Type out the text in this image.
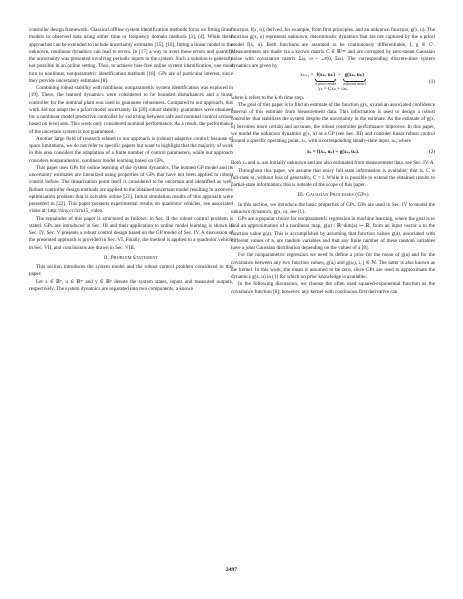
controller design framework. Classical offline system identification methods focus on fitting linear models to observed data using either time or frequency domain methods [3], [4]. While these approaches can be extended to include uncertainty estimates [15], [16], fitting a linear model to the unknown, nonlinear dynamics can lead to errors. In [17] a way to avert these errors and quantify the uncertainty was presented involving periodic inputs to the system. Such a solution is generally not possible in an online setting. Thus, to achieve bias-free online system identification, one must turn to nonlinear, nonparametric identification methods [18]. GPs are of particular interest, since they provide uncertainty estimates [8].

Combining robust stability with nonlinear, nonparametric system identification was explored in [19]. There, the learned dynamics were considered to be bounded disturbances and a linear controller for the nominal plant was used to guarantee robustness. Compared to our approach, this work did not adapt the a priori model uncertainty. In [20] robust stability guarantees were obtained for a nonlinear model predictive controller by switching between safe and nominal control actions based on level sets. This work only considered nominal performance. As a result, the performance of the uncertain system is not guaranteed.

Another large field of research related to our approach is (robust) adaptive control; because of space limitations, we do not refer to specific papers but want to highlight that the majority of work in this area considers the adaptation of a finite number of control parameters, while our approach considers nonparametric, nonlinear model learning based on GPs.

This paper uses GPs for online learning of the system dynamics. The learned GP model and its uncertainty estimates are linearized using properties of GPs that have not been applied to robust control before. The linearization point itself is considered to be uncertain and identified as well. Robust controller design methods are applied to the obtained uncertain model resulting in a convex optimization problem that is solvable online [21]. Initial simulation results of this approach were presented in [22]. This paper presents experimental results on quadrotor vehicles, see associated video at: http://tiny.cc/icra15_video.

The remainder of this paper is structured as follows: in Sec. II the robust control problem is stated. GPs are introduced in Sec. III and their application to online model learning is shown in Sec. IV. Sec. V presents a robust control design based on the GP model of Sec. IV. A discussion of the presented approach is provided in Sec. VI. Finally, the method is applied to a quadrotor vehicle in Sec. VII, and conclusions are drawn in Sec. VIII.

II. Problem Statement

This section introduces the system model and the robust control problem considered in this paper.

Let x ∈ ℝⁿ, u ∈ ℝᵐ and y ∈ ℝᵖ denote the system states, inputs and measured outputs, respectively. The system dynamics are separated into two components, a known

function, f(x, u), derived, for example, from first principles, and an unknown function, g(x, u). The function g(x, u) represents unknown, deterministic dynamics that are not captured by the a priori model f(x, u). Both functions are assumed to be continuously differentiable, f, g ∈ C¹. Measurements are made via a known matrix C ∈ ℝᵖˣⁿ and are corrupted by zero-mean Gaussian noise with covariance matrix Σω, ω ~ 𝒩(0, Σω). The corresponding discrete-time system dynamics are given by

xₖ₊₁ = f(xₖ, uₖ)
a priori model
+ g(xₖ, uₖ)
unknown model
yₖ = Cxₖ + ωₖ,
(1)

where k refers to the k-th time step.

The goal of this paper is to find an estimate of the function g(x, u) and an associated confidence interval of this estimate from measurement data. This information is used to design a robust controller that stabilizes the system despite the uncertainty in the estimate. As the estimate of g(x, u) becomes more certain and accurate, the robust controller performance improves. In this paper, we model the unknown dynamics g(x, u) as a GP (see Sec. III) and consider linear robust control around a specific operating point, xₛ, with a corresponding steady-state input, uₛ, where

xₛ = f(xₛ, uₛ) + g(xₛ, uₛ).	(2)

Both xₛ and uₛ are initially unknown and are also estimated from measurement data, see Sec. IV-A.

Throughout this paper, we assume that noisy full-state information is available; that is, C is full-rank or, without loss of generality, C = I. While it is possible to extend the obtained results to partial-state information, this is outside of the scope of this paper.

III. Gaussian Processes (GPs)

In this section, we introduce the basic properties of GPs. GPs are used in Sec. IV to model the unknown dynamics, g(x, u), see (1).

GPs are a popular choice for nonparametric regression in machine learning, where the goal is to find an approximation of a nonlinear map, g(a) : ℝ^dim(a) ↦ ℝ, from an input vector a to the function value g(a). This is accomplished by assuming that function values g(a), associated with different values of a, are random variables and that any finite number of these random variables have a joint Gaussian distribution depending on the values of a [8].

For the nonparametric regression we need to define a prior for the mean of g(a) and for the covariance between any two function values, g(aᵢ) and g(aⱼ), i, j ∈ ℕ. The latter is also known as the kernel. In this work, the mean is assumed to be zero, since GPs are used to approximate the dynamics g(x, u) in (1) for which no prior knowledge is available.

In the following discussion, we choose the often used squared-exponential function as the covariance function [8]; however, any kernel with continuous first derivative can

2497
